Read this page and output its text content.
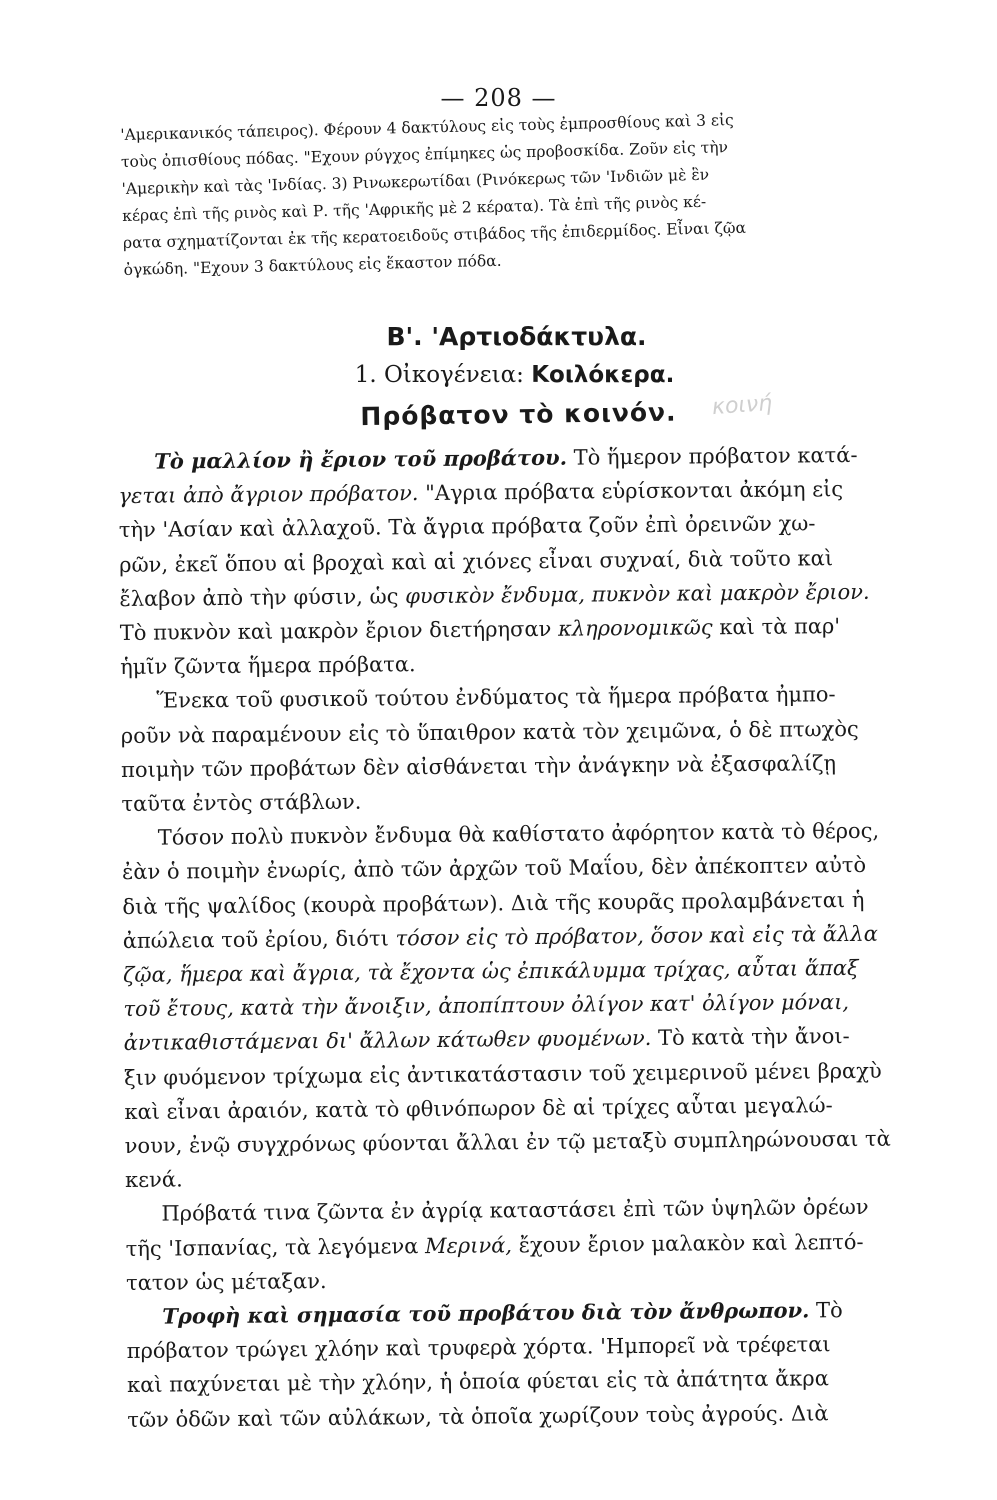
— 208 —
'Αμερικανικός τάπειρος). Φέρουν 4 δακτύλους εἰς τοὺς ἐμπροσθίους καὶ 3 εἰς
τοὺς ὀπισθίους πόδας. "Εχουν ρύγχος ἐπίμηκες ὡς προβοσκίδα. Ζοῦν εἰς τὴν
'Αμερικὴν καὶ τὰς 'Ινδίας. 3) Ρινωκερωτίδαι (Ρινόκερως τῶν 'Ινδιῶν μὲ ἓν
κέρας ἐπὶ τῆς ρινὸς καὶ Ρ. τῆς 'Αφρικῆς μὲ 2 κέρατα). Τὰ ἐπὶ τῆς ρινὸς κέ-
ρατα σχηματίζονται ἐκ τῆς κερατοειδοῦς στιβάδος τῆς ἐπιδερμίδος. Εἶναι ζῷα
ὀγκώδη. "Εχουν 3 δακτύλους εἰς ἕκαστον πόδα.
Β'. 'Αρτιοδάκτυλα.
1. Οἰκογένεια: Κοιλόκερα.
Πρόβατον τὸ κοινόν.	κοινή
Τὸ μαλλίον ἢ ἔριον τοῦ προβάτου. Τὸ ἥμερον πρόβατον κατά-
γεται ἀπὸ ἄγριον πρόβατον. "Αγρια πρόβατα εὑρίσκονται ἀκόμη εἰς
τὴν 'Ασίαν καὶ ἀλλαχοῦ. Τὰ ἄγρια πρόβατα ζοῦν ἐπὶ ὀρεινῶν χω-
ρῶν, ἐκεῖ ὅπου αἱ βροχαὶ καὶ αἱ χιόνες εἶναι συχναί, διὰ τοῦτο καὶ
ἔλαβον ἀπὸ τὴν φύσιν, ὡς φυσικὸν ἔνδυμα, πυκνὸν καὶ μακρὸν ἔριον.
Τὸ πυκνὸν καὶ μακρὸν ἔριον διετήρησαν κληρονομικῶς καὶ τὰ παρ'
ἡμῖν ζῶντα ἥμερα πρόβατα.
Ἕνεκα τοῦ φυσικοῦ τούτου ἐνδύματος τὰ ἥμερα πρόβατα ἠμπο-
ροῦν νὰ παραμένουν εἰς τὸ ὕπαιθρον κατὰ τὸν χειμῶνα, ὁ δὲ πτωχὸς
ποιμὴν τῶν προβάτων δὲν αἰσθάνεται τὴν ἀνάγκην νὰ ἐξασφαλίζῃ
ταῦτα ἐντὸς στάβλων.
Τόσον πολὺ πυκνὸν ἔνδυμα θὰ καθίστατο ἀφόρητον κατὰ τὸ θέρος,
ἐὰν ὁ ποιμὴν ἐνωρίς, ἀπὸ τῶν ἀρχῶν τοῦ Μαΐου, δὲν ἀπέκοπτεν αὐτὸ
διὰ τῆς ψαλίδος (κουρὰ προβάτων). Διὰ τῆς κουρᾶς προλαμβάνεται ἡ
ἀπώλεια τοῦ ἐρίου, διότι τόσον εἰς τὸ πρόβατον, ὅσον καὶ εἰς τὰ ἄλλα
ζῷα, ἥμερα καὶ ἄγρια, τὰ ἔχοντα ὡς ἐπικάλυμμα τρίχας, αὗται ἅπαξ
τοῦ ἔτους, κατὰ τὴν ἄνοιξιν, ἀποπίπτουν ὀλίγον κατ' ὀλίγον μόναι,
ἀντικαθιστάμεναι δι' ἄλλων κάτωθεν φυομένων. Τὸ κατὰ τὴν ἄνοι-
ξιν φυόμενον τρίχωμα εἰς ἀντικατάστασιν τοῦ χειμερινοῦ μένει βραχὺ
καὶ εἶναι ἀραιόν, κατὰ τὸ φθινόπωρον δὲ αἱ τρίχες αὗται μεγαλώ-
νουν, ἐνῷ συγχρόνως φύονται ἄλλαι ἐν τῷ μεταξὺ συμπληρώνουσαι τὰ
κενά.
Πρόβατά τινα ζῶντα ἐν ἀγρίᾳ καταστάσει ἐπὶ τῶν ὑψηλῶν ὀρέων
τῆς 'Ισπανίας, τὰ λεγόμενα Μερινά, ἔχουν ἔριον μαλακὸν καὶ λεπτό-
τατον ὡς μέταξαν.
Τροφὴ καὶ σημασία τοῦ προβάτου διὰ τὸν ἄνθρωπον. Τὸ
πρόβατον τρώγει χλόην καὶ τρυφερὰ χόρτα. 'Ημπορεῖ νὰ τρέφεται
καὶ παχύνεται μὲ τὴν χλόην, ἡ ὁποία φύεται εἰς τὰ ἀπάτητα ἄκρα
τῶν ὁδῶν καὶ τῶν αὐλάκων, τὰ ὁποῖα χωρίζουν τοὺς ἀγρούς. Διὰ
